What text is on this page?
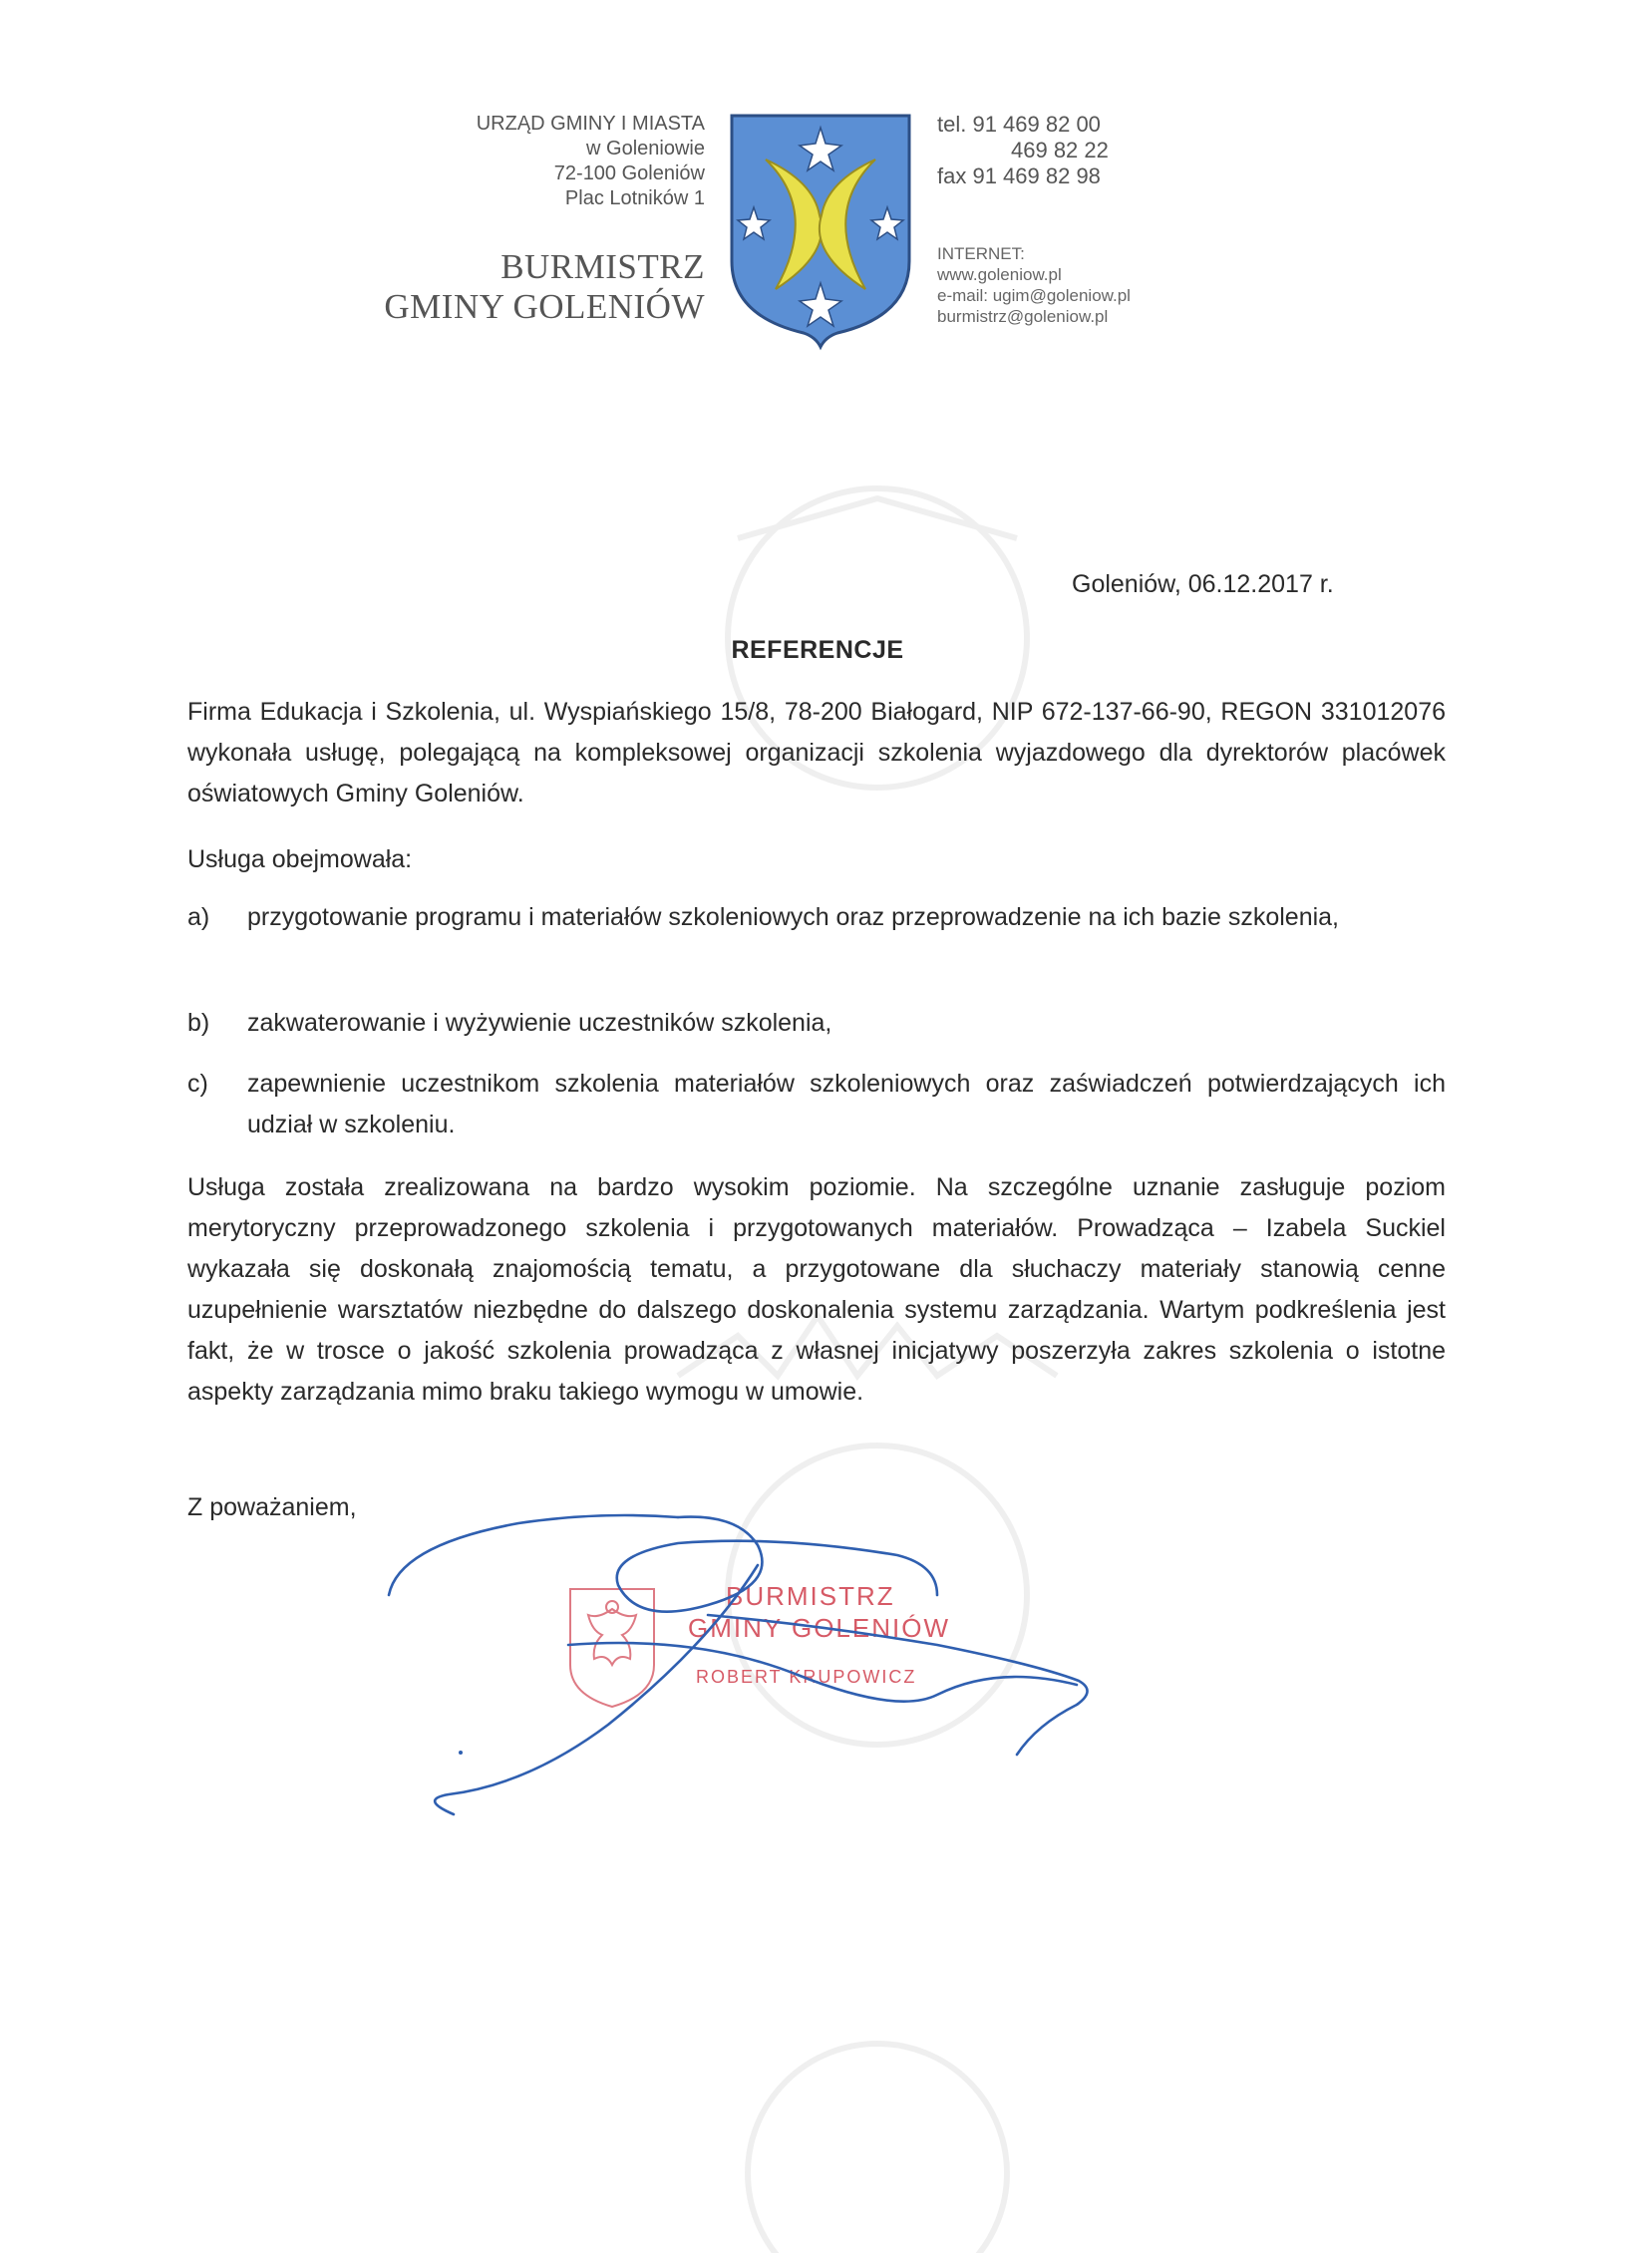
URZĄD GMINY I MIASTA
w Goleniowie
72-100 Goleniów
Plac Lotników 1
BURMISTRZ
GMINY GOLENIÓW
tel. 91 469 82 00
469 82 22
fax 91 469 82 98
INTERNET:
www.goleniow.pl
e-mail: ugim@goleniow.pl
burmistrz@goleniow.pl
Goleniów, 06.12.2017 r.
REFERENCJE
Firma Edukacja i Szkolenia, ul. Wyspiańskiego 15/8, 78-200 Białogard, NIP 672-137-66-90, REGON 331012076 wykonała usługę, polegającą na kompleksowej organizacji szkolenia wyjazdowego dla dyrektorów placówek oświatowych Gminy Goleniów.
Usługa obejmowała:
a) przygotowanie programu i materiałów szkoleniowych oraz przeprowadzenie na ich bazie szkolenia,
b) zakwaterowanie i wyżywienie uczestników szkolenia,
c) zapewnienie uczestnikom szkolenia materiałów szkoleniowych oraz zaświadczeń potwierdzających ich udział w szkoleniu.
Usługa została zrealizowana na bardzo wysokim poziomie. Na szczególne uznanie zasługuje poziom merytoryczny przeprowadzonego szkolenia i przygotowanych materiałów. Prowadząca – Izabela Suckiel wykazała się doskonałą znajomością tematu, a przygotowane dla słuchaczy materiały stanowią cenne uzupełnienie warsztatów niezbędne do dalszego doskonalenia systemu zarządzania. Wartym podkreślenia jest fakt, że w trosce o jakość szkolenia prowadząca z własnej inicjatywy poszerzyła zakres szkolenia o istotne aspekty zarządzania mimo braku takiego wymogu w umowie.
Z poważaniem,
BURMISTRZ
GMINY GOLENIÓW
ROBERT KRUPOWICZ
